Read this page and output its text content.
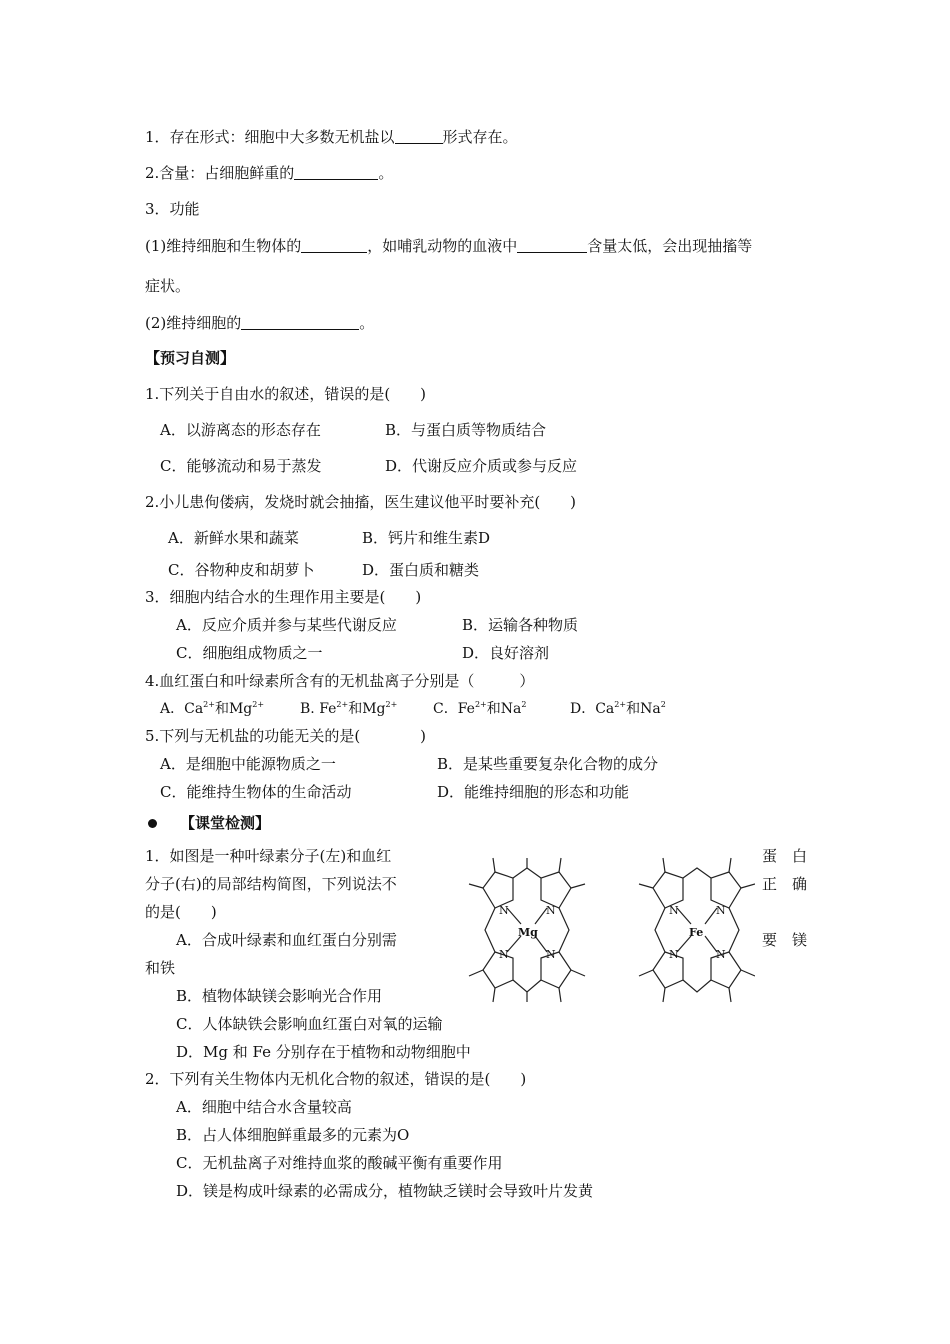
1．存在形式：细胞中大多数无机盐以	形式存在。
2.含量：占细胞鲜重的	。
3．功能
(1)维持细胞和生物体的	，如哺乳动物的血液中	含量太低，会出现抽搐等
症状。
(2)维持细胞的	。
【预习自测】
1.下列关于自由水的叙述，错误的是(　　)
A．以游离态的形态存在	B．与蛋白质等物质结合
C．能够流动和易于蒸发	D．代谢反应介质或参与反应
2.小儿患佝偻病，发烧时就会抽搐，医生建议他平时要补充(　　)
A．新鲜水果和蔬菜	B．钙片和维生素D
C．谷物种皮和胡萝卜	D．蛋白质和糖类
3．细胞内结合水的生理作用主要是(　　)
A．反应介质并参与某些代谢反应	B．运输各种物质
C．细胞组成物质之一	D．良好溶剂
4.血红蛋白和叶绿素所含有的无机盐离子分别是（　　　）
A．$Ca^{2+}$和$Mg^{2+}$	B. $Fe^{2+}$和$Mg^{2+}$	C．$Fe^{2+}$和Na$^2$	D．$Ca^{2+}$和Na$^2$
5.下列与无机盐的功能无关的是(　　　　)
A．是细胞中能源物质之一	B．是某些重要复杂化合物的成分
C．能维持生物体的生命活动	D．能维持细胞的形态和功能
【课堂检测】
1．如图是一种叶绿素分子(左)和血红	蛋　白
分子(右)的局部结构简图，下列说法不	正　确
的是(　　)
A．合成叶绿素和血红蛋白分别需	要　镁
和铁
B．植物体缺镁会影响光合作用
C．人体缺铁会影响血红蛋白对氧的运输
D．Mg 和 Fe 分别存在于植物和动物细胞中
N	N
N	N
Mg
N	N
N	N
Fe
2．下列有关生物体内无机化合物的叙述，错误的是(　　)
A．细胞中结合水含量较高
B．占人体细胞鲜重最多的元素为O
C．无机盐离子对维持血浆的酸碱平衡有重要作用
D．镁是构成叶绿素的必需成分，植物缺乏镁时会导致叶片发黄
